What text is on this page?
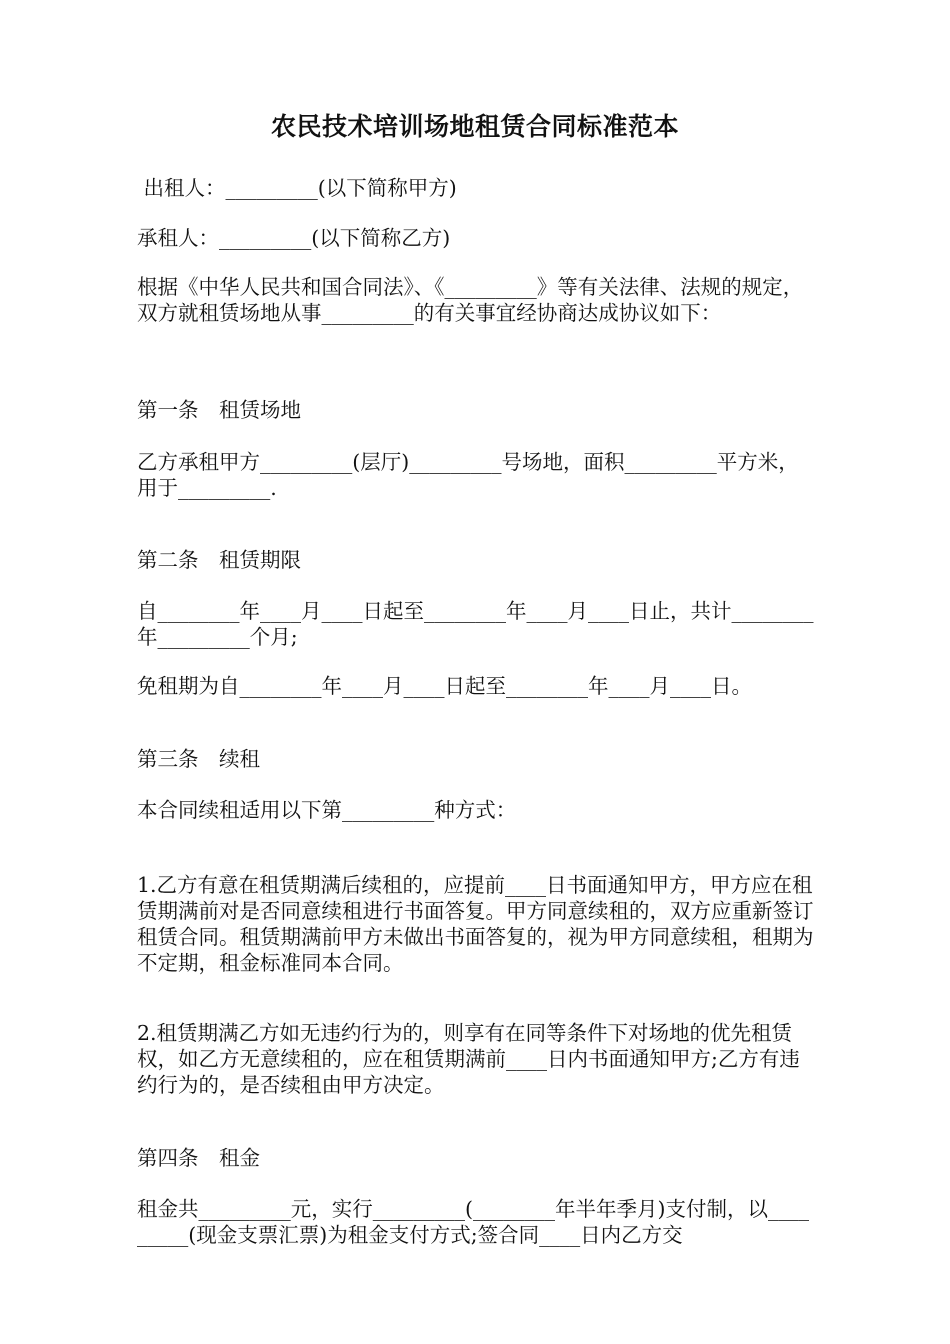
农民技术培训场地租赁合同标准范本
出租人：_________(以下简称甲方)
承租人：_________(以下简称乙方)
根据《中华人民共和国合同法》、《_________》等有关法律、法规的规定，双方就租赁场地从事_________的有关事宜经协商达成协议如下：
第一条　租赁场地
乙方承租甲方_________(层厅)_________号场地，面积_________平方米，用于_________.
第二条　租赁期限
自________年____月____日起至________年____月____日止，共计________年_________个月;
免租期为自________年____月____日起至________年____月____日。
第三条　续租
本合同续租适用以下第_________种方式：
1.乙方有意在租赁期满后续租的，应提前____日书面通知甲方，甲方应在租赁期满前对是否同意续租进行书面答复。甲方同意续租的，双方应重新签订租赁合同。租赁期满前甲方未做出书面答复的，视为甲方同意续租，租期为不定期，租金标准同本合同。
2.租赁期满乙方如无违约行为的，则享有在同等条件下对场地的优先租赁权，如乙方无意续租的，应在租赁期满前____日内书面通知甲方;乙方有违约行为的，是否续租由甲方决定。
第四条　租金
租金共_________元，实行_________(________年半年季月)支付制，以_________(现金支票汇票)为租金支付方式;签合同____日内乙方交
